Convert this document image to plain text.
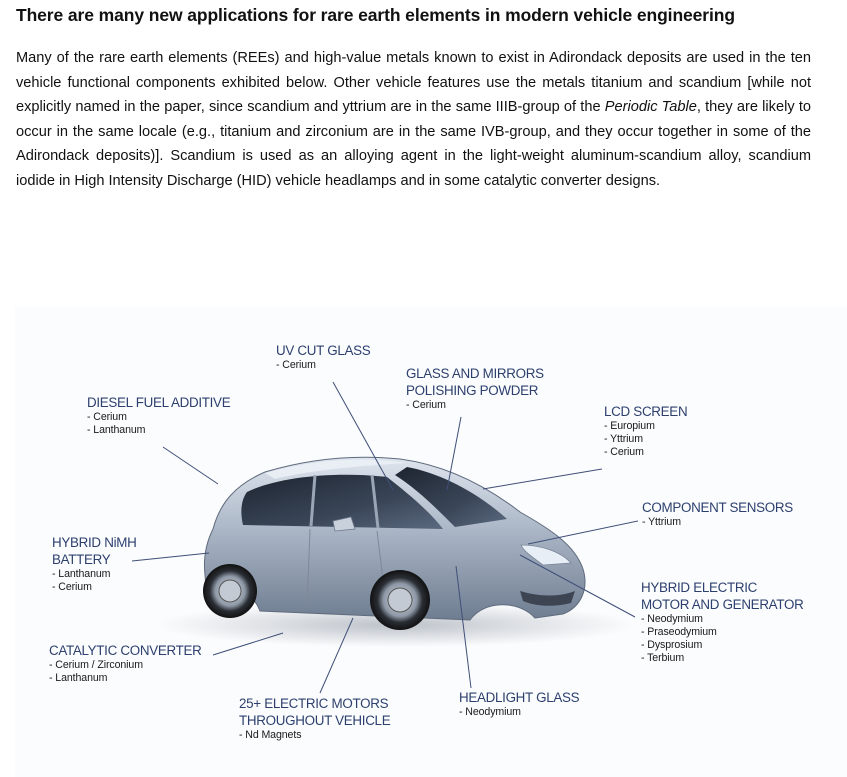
There are many new applications for rare earth elements in modern vehicle engineering

Many of the rare earth elements (REEs) and high-value metals known to exist in Adirondack deposits are used in the ten vehicle functional components exhibited below. Other vehicle features use the metals titanium and scandium [while not explicitly named in the paper, since scandium and yttrium are in the same IIIB-group of the Periodic Table, they are likely to occur in the same locale (e.g., titanium and zirconium are in the same IVB-group, and they occur together in some of the Adirondack deposits)]. Scandium is used as an alloying agent in the light-weight aluminum-scandium alloy, scandium iodide in High Intensity Discharge (HID) vehicle headlamps and in some catalytic converter designs.

UV CUT GLASS
- Cerium
GLASS AND MIRRORS
POLISHING POWDER
- Cerium
DIESEL FUEL ADDITIVE
- Cerium
- Lanthanum
LCD SCREEN
- Europium
- Yttrium
- Cerium
COMPONENT SENSORS
- Yttrium
HYBRID NiMH
BATTERY
- Lanthanum
- Cerium	HYBRID ELECTRIC
MOTOR AND GENERATOR
- Neodymium
- Praseodymium
- Dysprosium
- Terbium
CATALYTIC CONVERTER
- Cerium / Zirconium
- Lanthanum
25+ ELECTRIC MOTORS
THROUGHOUT VEHICLE
- Nd Magnets
HEADLIGHT GLASS
- Neodymium
